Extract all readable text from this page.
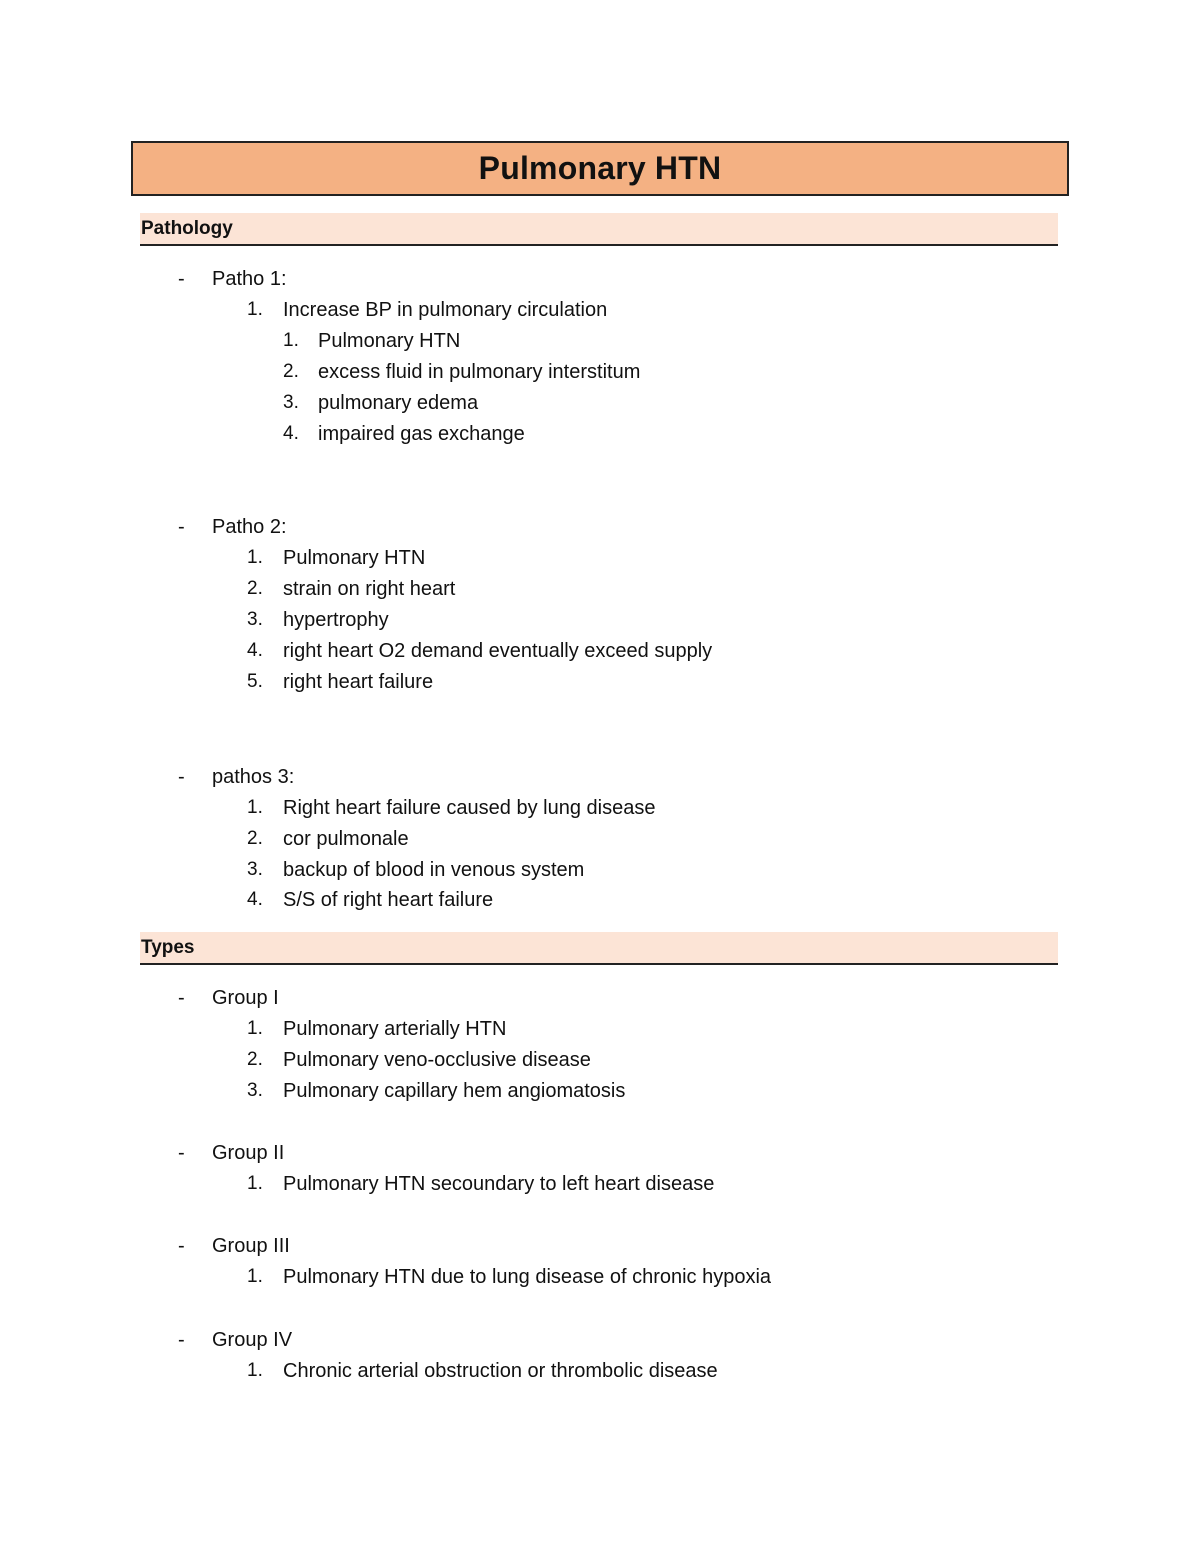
Pulmonary HTN
Pathology
- Patho 1:
1. Increase BP in pulmonary circulation
1. Pulmonary HTN
2. excess fluid in pulmonary interstitum
3. pulmonary edema
4. impaired gas exchange
- Patho 2:
1. Pulmonary HTN
2. strain on right heart
3. hypertrophy
4. right heart O2 demand eventually exceed supply
5. right heart failure
- pathos 3:
1. Right heart failure caused by lung disease
2. cor pulmonale
3. backup of blood in venous system
4. S/S of right heart failure
Types
- Group I
1. Pulmonary arterially HTN
2. Pulmonary veno-occlusive disease
3. Pulmonary capillary hem angiomatosis
- Group II
1. Pulmonary HTN secoundary to left heart disease
- Group III
1. Pulmonary HTN due to lung disease of chronic hypoxia
- Group IV
1. Chronic arterial obstruction or thrombolic disease
